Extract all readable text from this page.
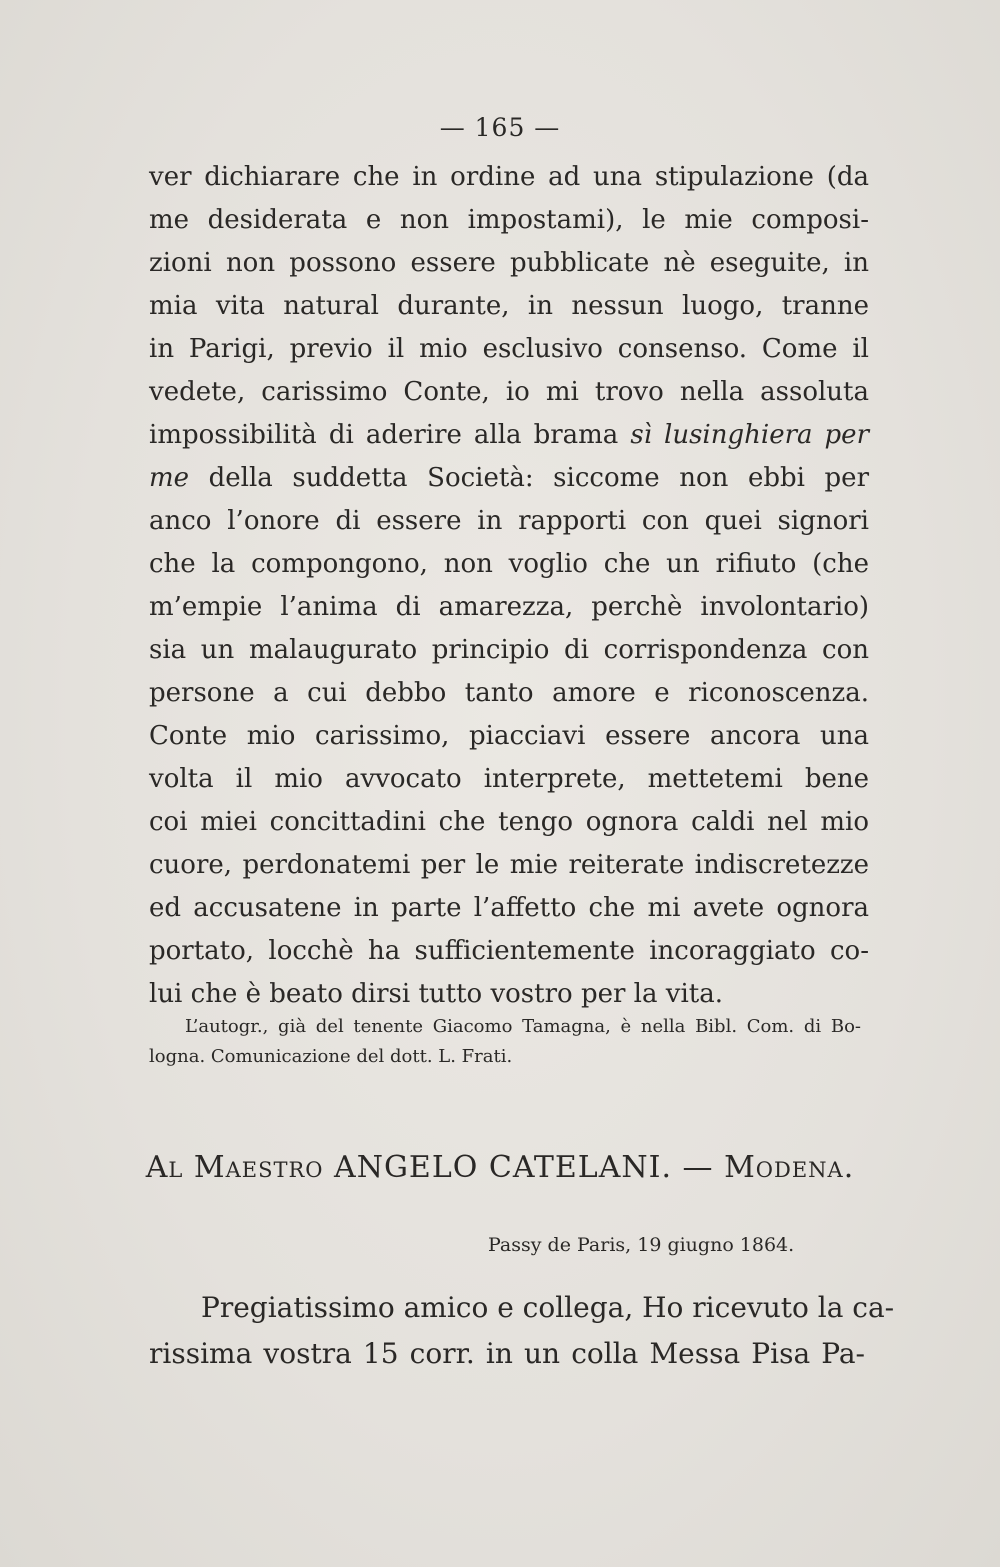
— 165 —
ver dichiarare che in ordine ad una stipulazione (da
me desiderata e non impostami), le mie composi-
zioni non possono essere pubblicate nè eseguite, in
mia vita natural durante, in nessun luogo, tranne
in Parigi, previo il mio esclusivo consenso. Come il
vedete, carissimo Conte, io mi trovo nella assoluta
impossibilità di aderire alla brama sì lusinghiera per
me della suddetta Società: siccome non ebbi per
anco l’onore di essere in rapporti con quei signori
che la compongono, non voglio che un rifiuto (che
m’empie l’anima di amarezza, perchè involontario)
sia un malaugurato principio di corrispondenza con
persone a cui debbo tanto amore e riconoscenza.
Conte mio carissimo, piacciavi essere ancora una
volta il mio avvocato interprete, mettetemi bene
coi miei concittadini che tengo ognora caldi nel mio
cuore, perdonatemi per le mie reiterate indiscretezze
ed accusatene in parte l’affetto che mi avete ognora
portato, locchè ha sufficientemente incoraggiato co-
lui che è beato dirsi tutto vostro per la vita.
L’autogr., già del tenente Giacomo Tamagna, è nella Bibl. Com. di Bo-
logna. Comunicazione del dott. L. Frati.
Al Maestro ANGELO CATELANI. — Modena.
Passy de Paris, 19 giugno 1864.
Pregiatissimo amico e collega, Ho ricevuto la ca-
rissima vostra 15 corr. in un colla Messa Pisa Pa-
